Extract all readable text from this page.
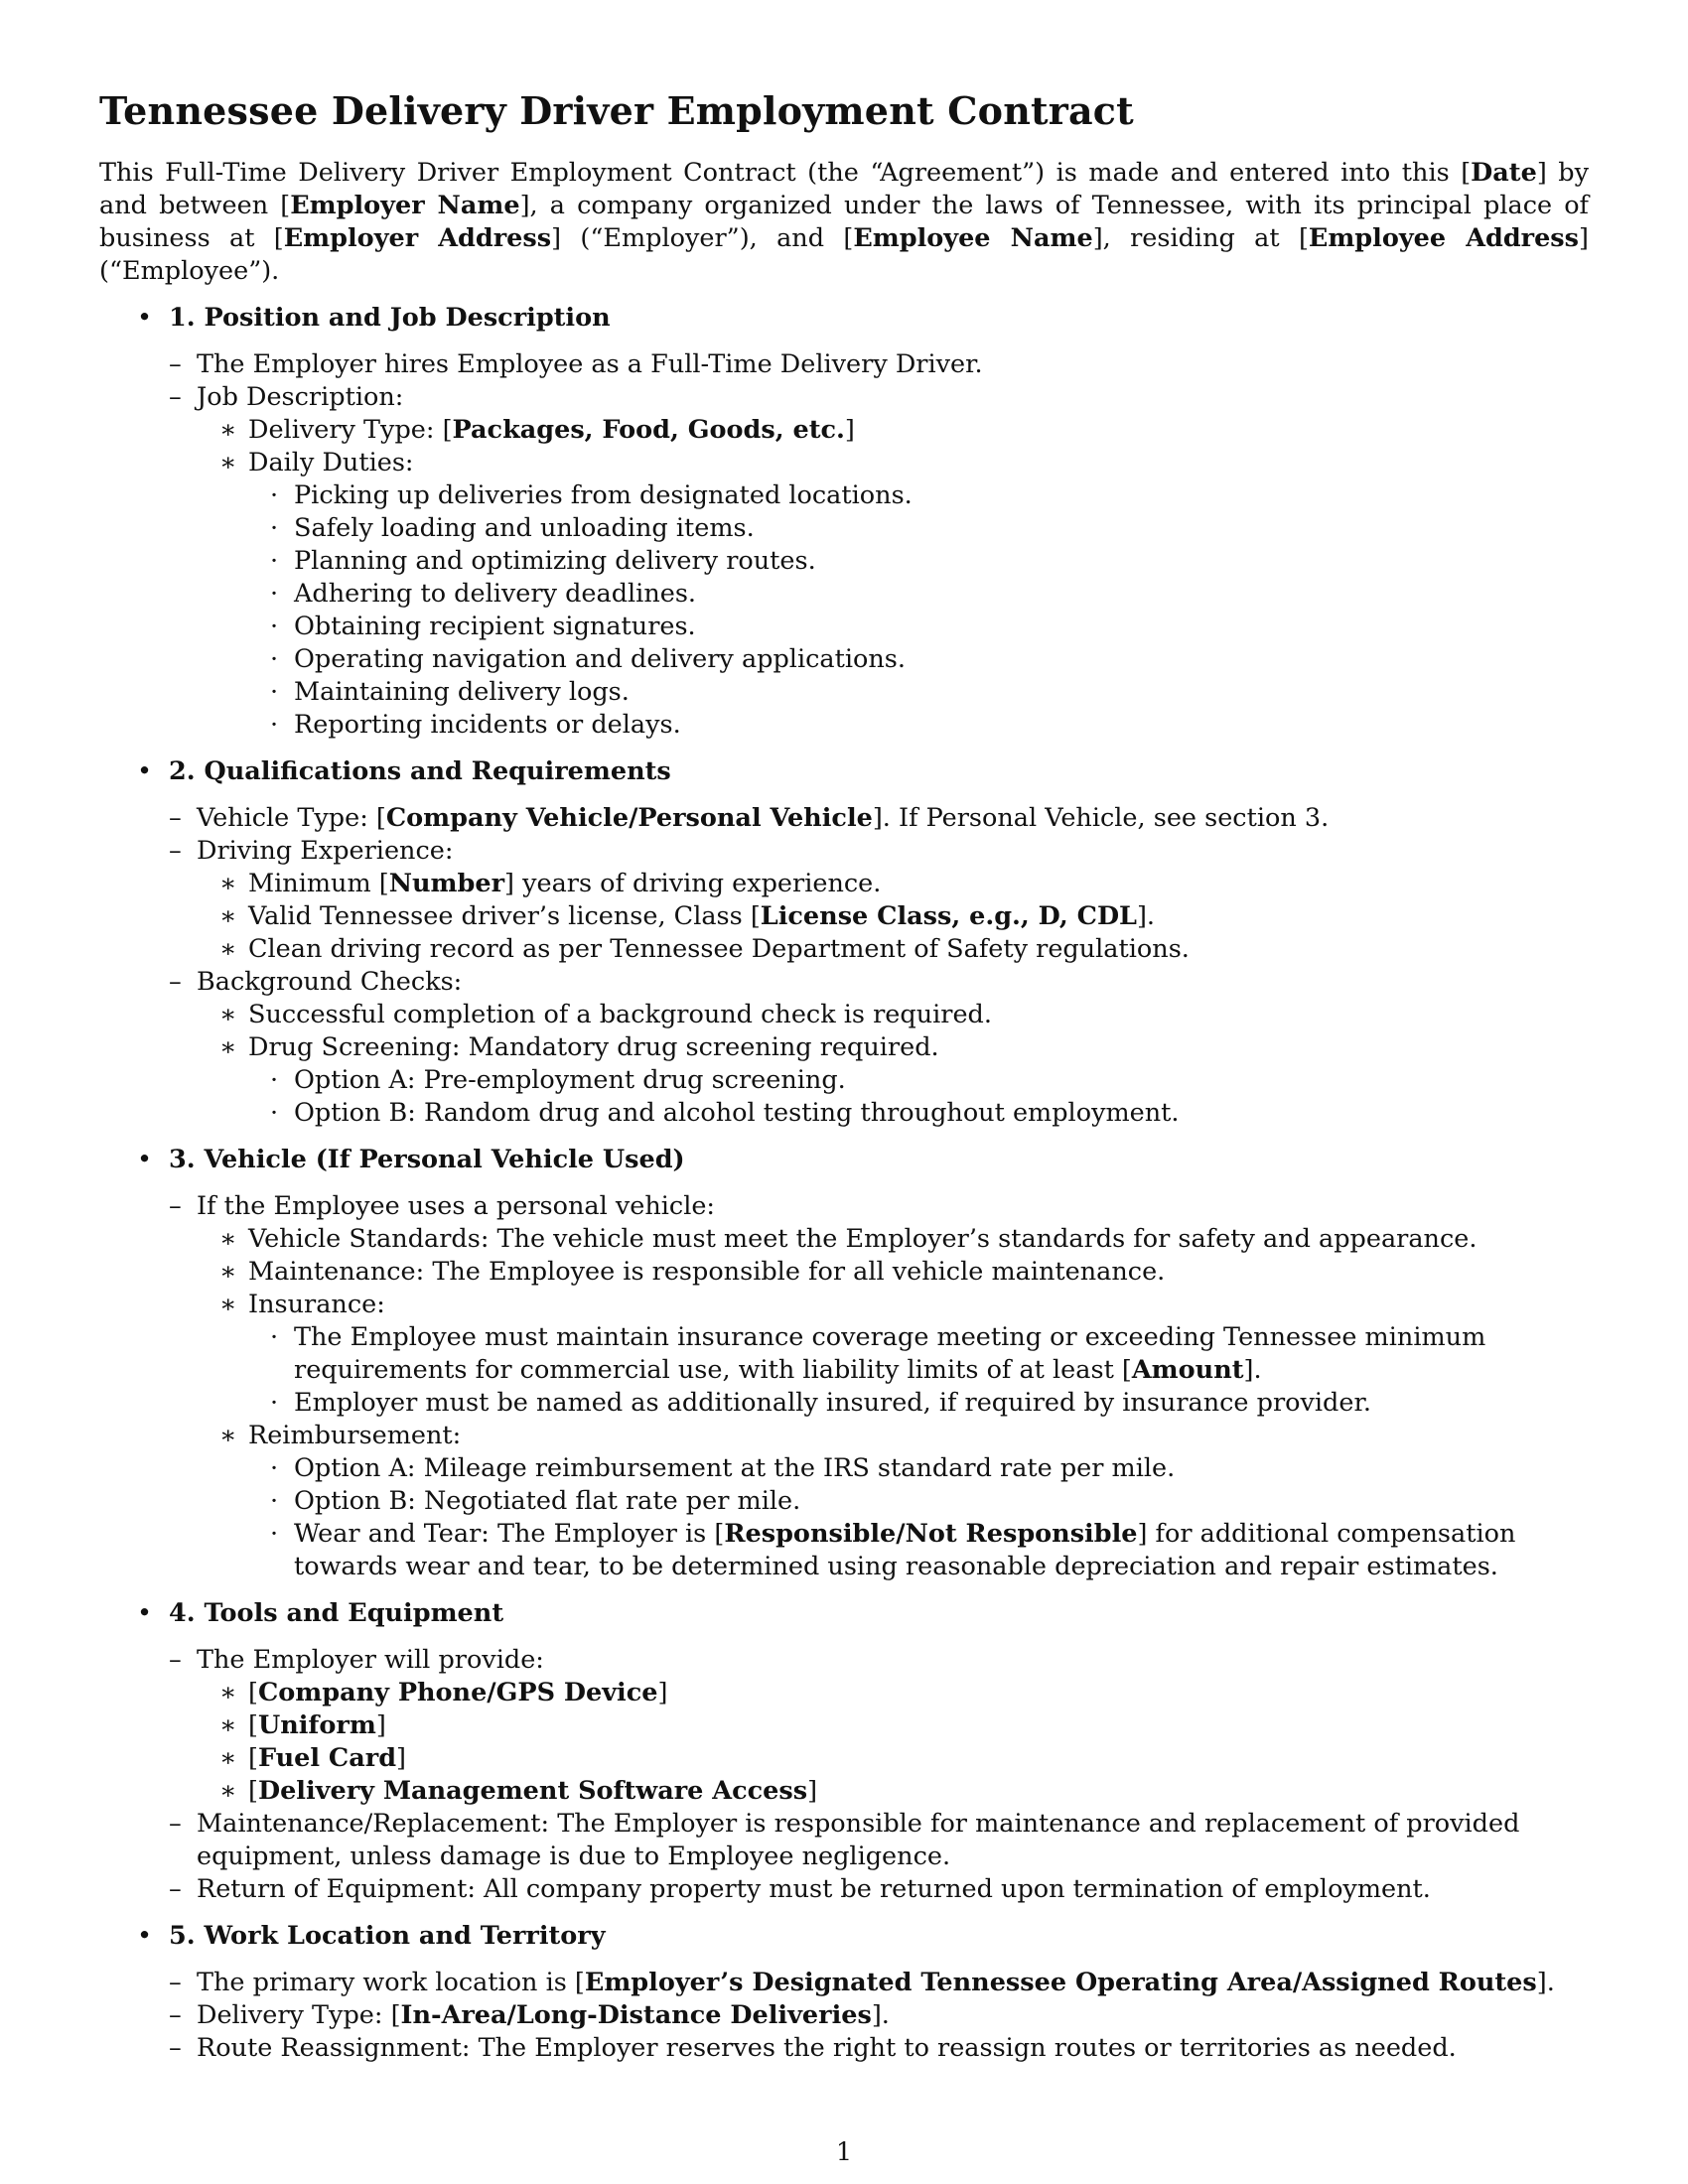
Tennessee Delivery Driver Employment Contract

This Full-Time Delivery Driver Employment Contract (the “Agreement”) is made and entered into this [Date] by and between [Employer Name], a company organized under the laws of Tennessee, with its principal place of business at [Employer Address] (“Employer”), and [Employee Name], residing at [Employee Address] (“Employee”).

• 1. Position and Job Description
– The Employer hires Employee as a Full-Time Delivery Driver.
– Job Description:
∗ Delivery Type: [Packages, Food, Goods, etc.]
∗ Daily Duties:
· Picking up deliveries from designated locations.
· Safely loading and unloading items.
· Planning and optimizing delivery routes.
· Adhering to delivery deadlines.
· Obtaining recipient signatures.
· Operating navigation and delivery applications.
· Maintaining delivery logs.
· Reporting incidents or delays.
• 2. Qualifications and Requirements
– Vehicle Type: [Company Vehicle/Personal Vehicle]. If Personal Vehicle, see section 3.
– Driving Experience:
∗ Minimum [Number] years of driving experience.
∗ Valid Tennessee driver’s license, Class [License Class, e.g., D, CDL].
∗ Clean driving record as per Tennessee Department of Safety regulations.
– Background Checks:
∗ Successful completion of a background check is required.
∗ Drug Screening: Mandatory drug screening required.
· Option A: Pre-employment drug screening.
· Option B: Random drug and alcohol testing throughout employment.
• 3. Vehicle (If Personal Vehicle Used)
– If the Employee uses a personal vehicle:
∗ Vehicle Standards: The vehicle must meet the Employer’s standards for safety and appearance.
∗ Maintenance: The Employee is responsible for all vehicle maintenance.
∗ Insurance:
· The Employee must maintain insurance coverage meeting or exceeding Tennessee minimum requirements for commercial use, with liability limits of at least [Amount].
· Employer must be named as additionally insured, if required by insurance provider.
∗ Reimbursement:
· Option A: Mileage reimbursement at the IRS standard rate per mile.
· Option B: Negotiated flat rate per mile.
· Wear and Tear: The Employer is [Responsible/Not Responsible] for additional compensation towards wear and tear, to be determined using reasonable depreciation and repair estimates.
• 4. Tools and Equipment
– The Employer will provide:
∗ [Company Phone/GPS Device]
∗ [Uniform]
∗ [Fuel Card]
∗ [Delivery Management Software Access]
– Maintenance/Replacement: The Employer is responsible for maintenance and replacement of provided equipment, unless damage is due to Employee negligence.
– Return of Equipment: All company property must be returned upon termination of employment.
• 5. Work Location and Territory
– The primary work location is [Employer’s Designated Tennessee Operating Area/Assigned Routes].
– Delivery Type: [In-Area/Long-Distance Deliveries].
– Route Reassignment: The Employer reserves the right to reassign routes or territories as needed.
1
